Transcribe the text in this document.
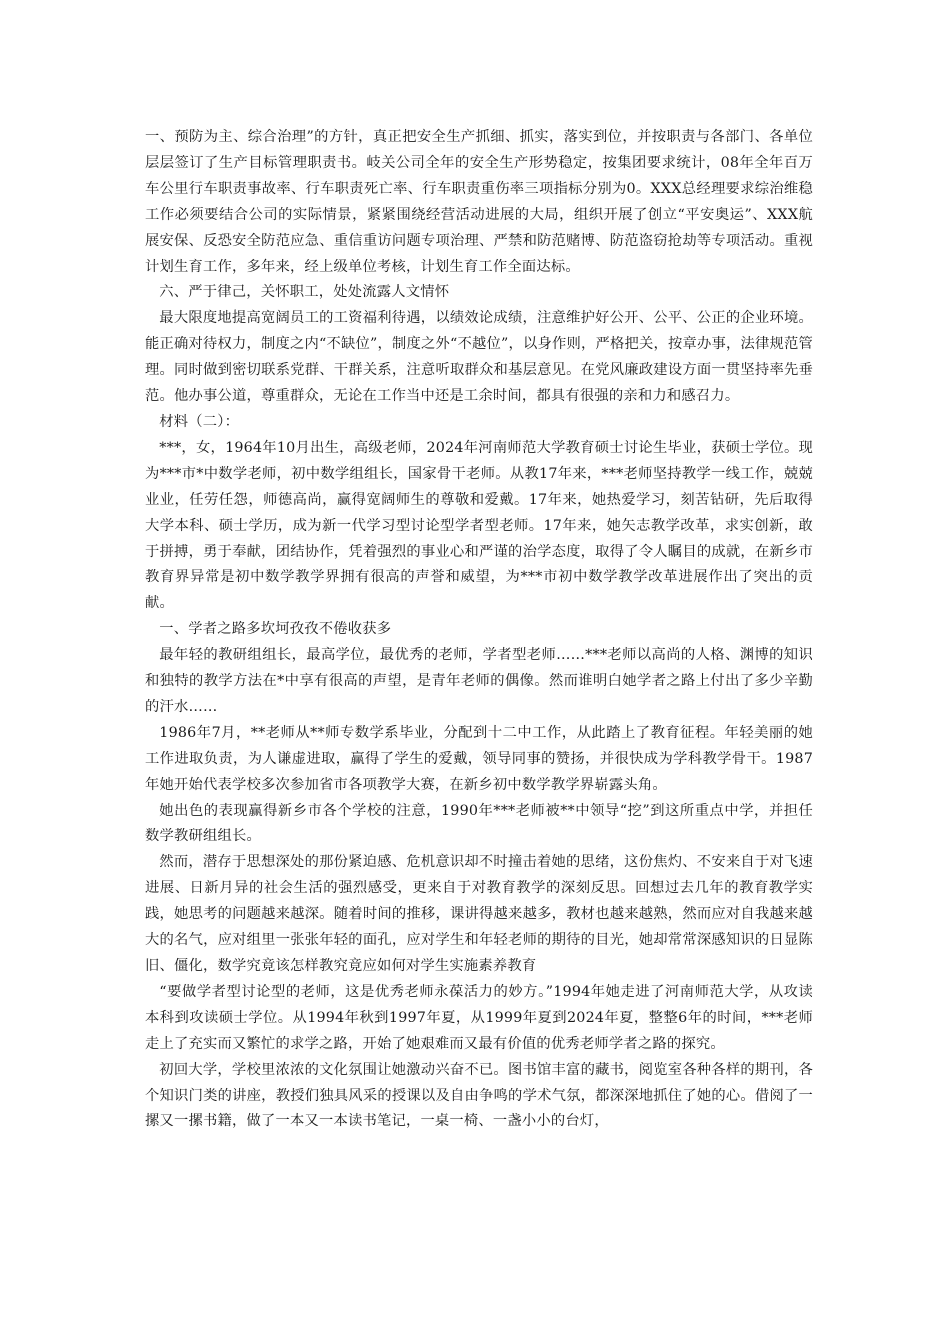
一、预防为主、综合治理”的方针，真正把安全生产抓细、抓实，落实到位，并按职责与各部门、各单位层层签订了生产目标管理职责书。岐关公司全年的安全生产形势稳定，按集团要求统计，08年全年百万车公里行车职责事故率、行车职责死亡率、行车职责重伤率三项指标分别为0。XXX总经理要求综治维稳工作必须要结合公司的实际情景，紧紧围绕经营活动进展的大局，组织开展了创立“平安奥运”、XXX航展安保、反恐安全防范应急、重信重访问题专项治理、严禁和防范赌博、防范盗窃抢劫等专项活动。重视计划生育工作，多年来，经上级单位考核，计划生育工作全面达标。

六、严于律己，关怀职工，处处流露人文情怀

最大限度地提高宽阔员工的工资福利待遇，以绩效论成绩，注意维护好公开、公平、公正的企业环境。能正确对待权力，制度之内“不缺位”，制度之外“不越位”，以身作则，严格把关，按章办事，法律规范管理。同时做到密切联系党群、干群关系，注意听取群众和基层意见。在党风廉政建设方面一贯坚持率先垂范。他办事公道，尊重群众，无论在工作当中还是工余时间，都具有很强的亲和力和感召力。

材料（二）：

***，女，1964年10月出生，高级老师，2024年河南师范大学教育硕士讨论生毕业，获硕士学位。现为***市*中数学老师，初中数学组组长，国家骨干老师。从教17年来，***老师坚持教学一线工作，兢兢业业，任劳任怨，师德高尚，赢得宽阔师生的尊敬和爱戴。17年来，她热爱学习，刻苦钻研，先后取得大学本科、硕士学历，成为新一代学习型讨论型学者型老师。17年来，她矢志教学改革，求实创新，敢于拼搏，勇于奉献，团结协作，凭着强烈的事业心和严谨的治学态度，取得了令人瞩目的成就，在新乡市教育界异常是初中数学教学界拥有很高的声誉和威望，为***市初中数学教学改革进展作出了突出的贡献。

一、学者之路多坎坷孜孜不倦收获多

最年轻的教研组组长，最高学位，最优秀的老师，学者型老师……***老师以高尚的人格、渊博的知识和独特的教学方法在*中享有很高的声望，是青年老师的偶像。然而谁明白她学者之路上付出了多少辛勤的汗水……

1986年7月，**老师从**师专数学系毕业，分配到十二中工作，从此踏上了教育征程。年轻美丽的她工作进取负责，为人谦虚进取，赢得了学生的爱戴，领导同事的赞扬，并很快成为学科教学骨干。1987年她开始代表学校多次参加省市各项教学大赛，在新乡初中数学教学界崭露头角。

她出色的表现赢得新乡市各个学校的注意，1990年***老师被**中领导“挖”到这所重点中学，并担任数学教研组组长。

然而，潜存于思想深处的那份紧迫感、危机意识却不时撞击着她的思绪，这份焦灼、不安来自于对飞速进展、日新月异的社会生活的强烈感受，更来自于对教育教学的深刻反思。回想过去几年的教育教学实践，她思考的问题越来越深。随着时间的推移，课讲得越来越多，教材也越来越熟，然而应对自我越来越大的名气，应对组里一张张年轻的面孔，应对学生和年轻老师的期待的目光，她却常常深感知识的日显陈旧、僵化，数学究竟该怎样教究竟应如何对学生实施素养教育

“要做学者型讨论型的老师，这是优秀老师永葆活力的妙方。”1994年她走进了河南师范大学，从攻读本科到攻读硕士学位。从1994年秋到1997年夏，从1999年夏到2024年夏，整整6年的时间，***老师走上了充实而又繁忙的求学之路，开始了她艰难而又最有价值的优秀老师学者之路的探究。

初回大学，学校里浓浓的文化氛围让她激动兴奋不已。图书馆丰富的藏书，阅览室各种各样的期刊，各个知识门类的讲座，教授们独具风采的授课以及自由争鸣的学术气氛，都深深地抓住了她的心。借阅了一摞又一摞书籍，做了一本又一本读书笔记，一桌一椅、一盏小小的台灯，
